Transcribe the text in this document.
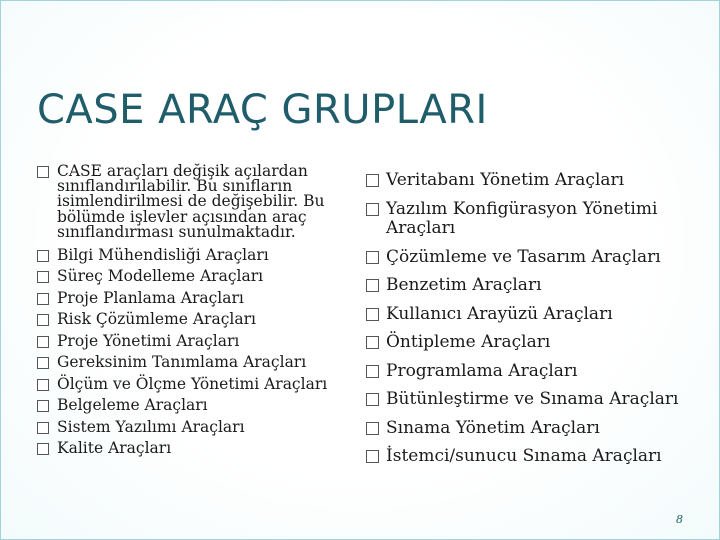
CASE ARAÇ GRUPLARI
CASE araçları değişik açılardan sınıflandırılabilir. Bu sınıfların isimlendirilmesi de değişebilir. Bu bölümde işlevler açısından araç sınıflandırması sunulmaktadır.
Bilgi Mühendisliği Araçları
Süreç Modelleme Araçları
Proje Planlama Araçları
Risk Çözümleme Araçları
Proje Yönetimi Araçları
Gereksinim Tanımlama Araçları
Ölçüm ve Ölçme Yönetimi Araçları
Belgeleme Araçları
Sistem Yazılımı Araçları
Kalite Araçları
Veritabanı Yönetim Araçları
Yazılım Konfigürasyon Yönetimi Araçları
Çözümleme ve Tasarım Araçları
Benzetim Araçları
Kullanıcı Arayüzü Araçları
Öntipleme Araçları
Programlama Araçları
Bütünleştirme ve Sınama Araçları
Sınama Yönetim Araçları
İstemci/sunucu Sınama Araçları
8
